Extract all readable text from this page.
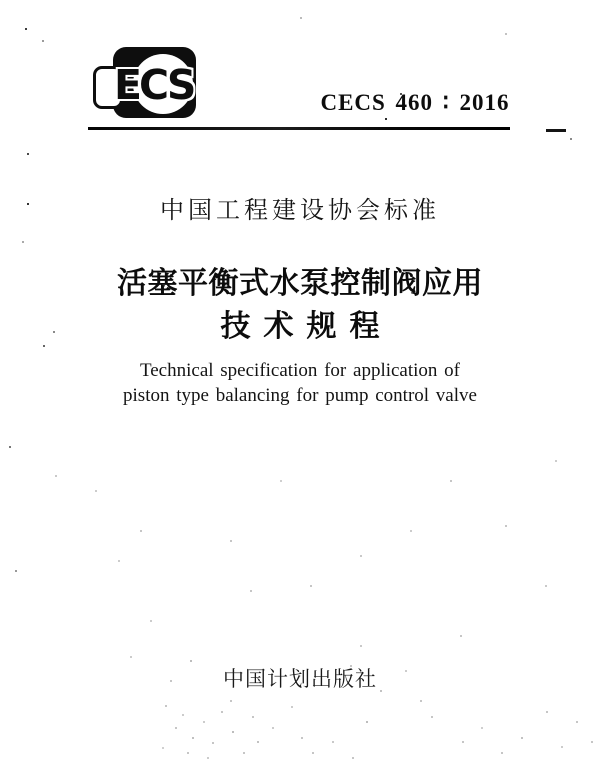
ECS	CECS 460 ∶ 2016
中国工程建设协会标准
活塞平衡式水泵控制阀应用
技术规程
Technical specification for application of
piston type balancing for pump control valve
中国计划出版社
